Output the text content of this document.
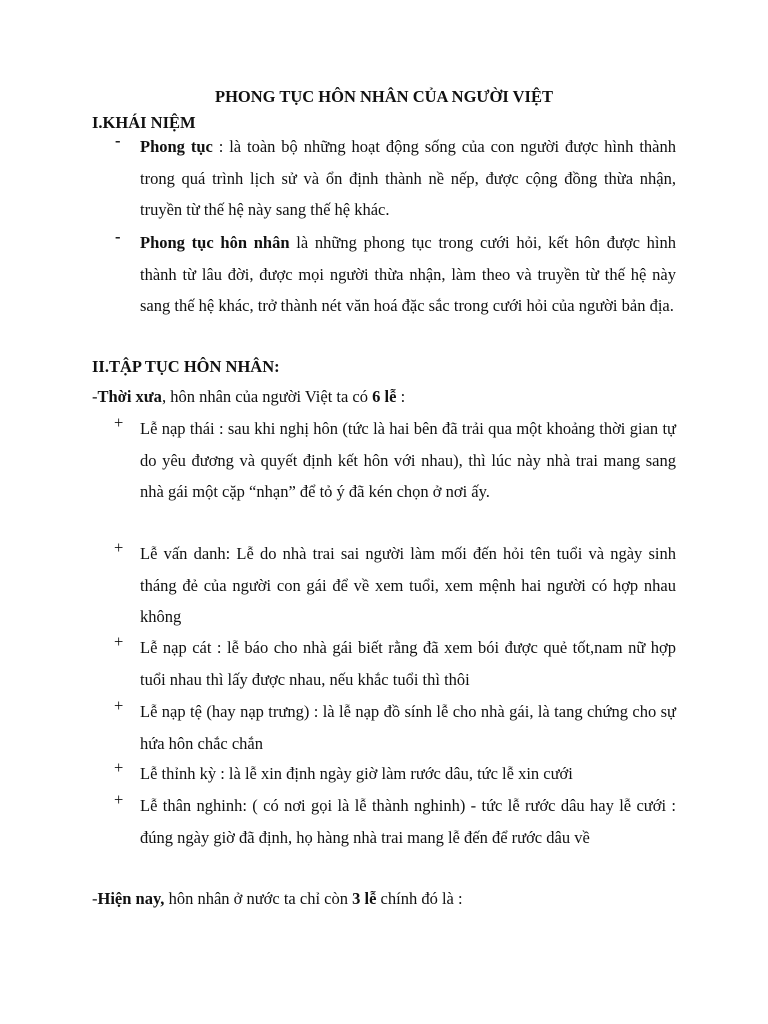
PHONG TỤC HÔN NHÂN CỦA NGƯỜI VIỆT
I.KHÁI NIỆM
- Phong tục : là toàn bộ những hoạt động sống của con người được hình thành trong quá trình lịch sử và ổn định thành nề nếp, được cộng đồng thừa nhận, truyền từ thế hệ này sang thế hệ khác.
- Phong tục hôn nhân là những phong tục trong cưới hỏi, kết hôn được hình thành từ lâu đời, được mọi người thừa nhận, làm theo và truyền từ thế hệ này sang thế hệ khác, trở thành nét văn hoá đặc sắc trong cưới hỏi của người bản địa.
II.TẬP TỤC HÔN NHÂN:
-Thời xưa, hôn nhân của người Việt ta có 6 lễ :
+ Lễ nạp thái : sau khi nghị hôn (tức là hai bên đã trải qua một khoảng thời gian tự do yêu đương và quyết định kết hôn với nhau), thì lúc này nhà trai mang sang nhà gái một cặp “nhạn” để tỏ ý đã kén chọn ở nơi ấy.
+ Lễ vấn danh: Lễ do nhà trai sai người làm mối đến hỏi tên tuổi và ngày sinh tháng đẻ của người con gái để về xem tuổi, xem mệnh hai người có hợp nhau không
+ Lễ nạp cát : lễ báo cho nhà gái biết rằng đã xem bói được quẻ tốt,nam nữ hợp tuổi nhau thì lấy được nhau, nếu khắc tuổi thì thôi
+ Lễ nạp tệ (hay nạp trưng) : là lễ nạp đồ sính lễ cho nhà gái, là tang chứng cho sự hứa hôn chắc chắn
+ Lễ thỉnh kỳ : là lễ xin định ngày giờ làm rước dâu, tức lễ xin cưới
+ Lễ thân nghinh: ( có nơi gọi là lễ thành nghinh) - tức lễ rước dâu hay lễ cưới : đúng ngày giờ đã định, họ hàng nhà trai mang lễ đến để rước dâu về
-Hiện nay, hôn nhân ở nước ta chỉ còn 3 lễ chính đó là :
